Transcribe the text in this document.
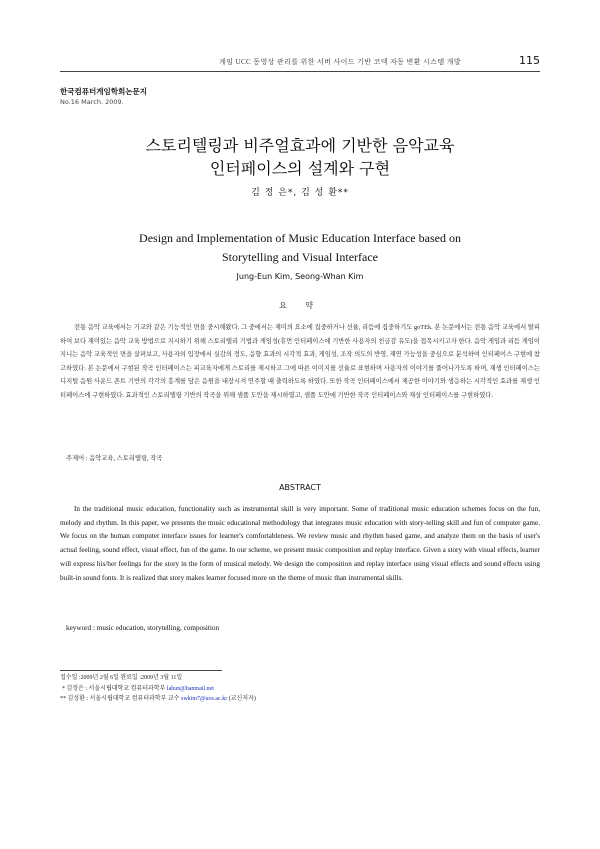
게임 UCC 동영상 관리를 위한 서버 사이드 기반 코덱 자동 변환 시스템 개발	115
한국컴퓨터게임학회논문지
No.16 March. 2009.
스토리텔링과 비주얼효과에 기반한 음악교육
인터페이스의 설계와 구현
김 정 은*, 김 성 환**
Design and Implementation of Music Education Interface based on
Storytelling and Visual Interface
Jung-Eun Kim, Seong-Whan Kim
요 약
전통 음악 교육에서는 기교와 같은 기능적인 면을 중시해왔다. 그 중에서는 재미의 요소에 집중하거나 선율, 리듬에 집중하기도 goTEk. 본 논문에서는 전통 음악 교육에서 탈피하여 보다 재미있는 음악 교육 방법으로 지시하기 위해 스토리텔리 기법과 게임성(휴먼 인터페이스에 기반한 사용자의 친금감 유도)을 접목시키고자 한다. 음악 게임과 리듬 게임이 지니는 음악 교육적인 면을 살펴보고, 사용자의 입장에서 실감의 정도, 음향 효과의 시각적 효과, 게임성, 조작 의도의 반영, 재연 가능성을 중심으로 분석하여 인터페이스 구현에 참고하였다. 본 논문에서 구현된 작곡 인터페이스는 피교육자에게 스토리를 제시하고 그에 따른 이미지를 선율로 표현하며 사용자의 이야기를 풀어나가도록 하며, 재생 인터페이스는 디지털 음원 사운드 폰트 기반의 각각의 흥계를 담은 음원을 내장시켜 연주할 때 출력하도록 하였다. 또한 작곡 인터페이스에서 제공한 이야기와 생응하는 시각적인 효과를 재생 인터페이스에 구현하였다. 효과적인 스토리텔링 기반의 작곡을 위해 샘플 도안을 제시하였고, 샘플 도안에 기반한 작곡 인터페이스와 재상 인터페이스를 구현하였다.
주제어 : 음악교육, 스토리텔링, 작곡
ABSTRACT
In the traditional music education, functionality such as instrumental skill is very important. Some of traditional music education schemes focus on the fun, melody and rhythm. In this paper, we presents the music educational methodology that integrates music education with story-telling skill and fun of computer game. We focus on the human computer interface issues for learner's comfortableness. We review music and rhythm based game, and analyze them on the basis of user's actual feeling, sound effect, visual effect, fun of the game. In our scheme, we present music composition and replay interface. Given a story with visual effects, learner will express his/her feelings for the story in the form of musical melody. We design the composition and replay interface using visual effects and sound effects using built-in sound fonts. It is realized that story makes learner focused more on the theme of music than instrumental skills.
keyword : music education, storytelling, composition
접수일 :2009년 2월 6일 완료일 :2009년 3월 11일
* 김정은 : 서울시립대학교 컴퓨터과학부 labun@hanmail.net
** 김성환 : 서울시립대학교 컴퓨터과학부 교수 swkim7@uos.ac.kr (교신저자)
